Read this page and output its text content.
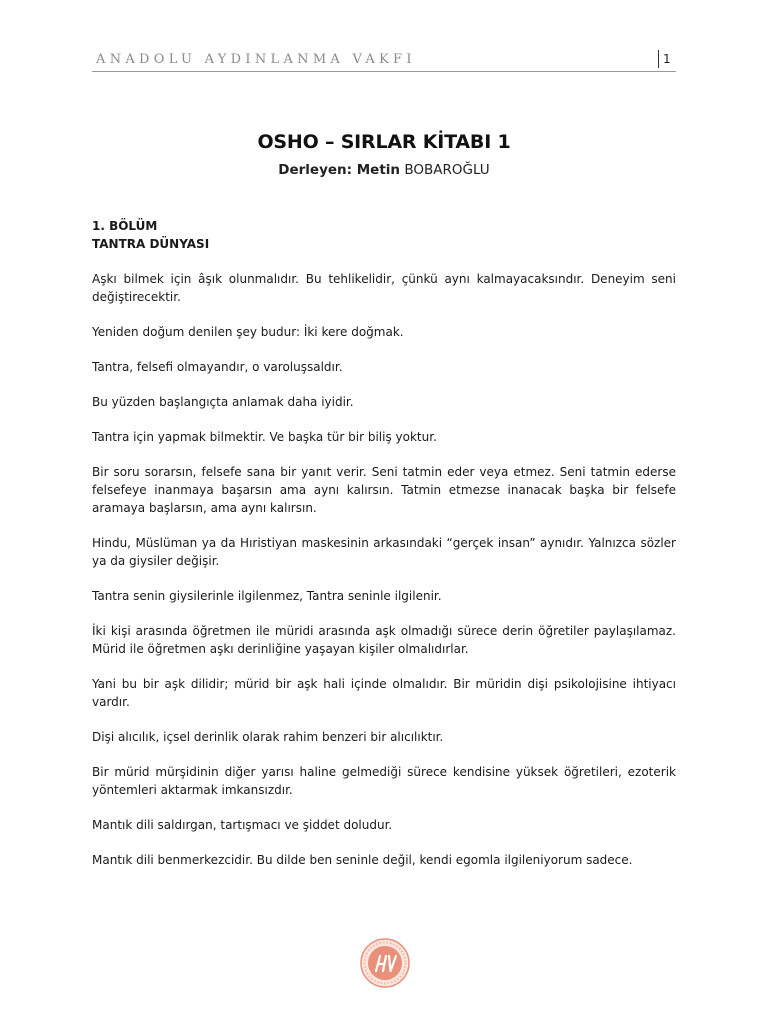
ANADOLU AYDINLANMA VAKFI	1
OSHO – SIRLAR KİTABI 1
Derleyen: Metin BOBAROĞLU

1. BÖLÜM

TANTRA DÜNYASI

Aşkı bilmek için âşık olunmalıdır. Bu tehlikelidir, çünkü aynı kalmayacaksındır. Deneyim seni değiştirecektir.

Yeniden doğum denilen şey budur: İki kere doğmak.

Tantra, felsefi olmayandır, o varoluşsaldır.

Bu yüzden başlangıçta anlamak daha iyidir.

Tantra için yapmak bilmektir. Ve başka tür bir biliş yoktur.

Bir soru sorarsın, felsefe sana bir yanıt verir. Seni tatmin eder veya etmez. Seni tatmin ederse felsefeye inanmaya başarsın ama aynı kalırsın. Tatmin etmezse inanacak başka bir felsefe aramaya başlarsın, ama aynı kalırsın.

Hindu, Müslüman ya da Hıristiyan maskesinin arkasındaki “gerçek insan” aynıdır. Yalnızca sözler ya da giysiler değişir.

Tantra senin giysilerinle ilgilenmez, Tantra seninle ilgilenir.

İki kişi arasında öğretmen ile müridi arasında aşk olmadığı sürece derin öğretiler paylaşılamaz. Mürid ile öğretmen aşkı derinliğine yaşayan kişiler olmalıdırlar.

Yani bu bir aşk dilidir; mürid bir aşk hali içinde olmalıdır. Bir müridin dişi psikolojisine ihtiyacı vardır.

Dişi alıcılık, içsel derinlik olarak rahim benzeri bir alıcılıktır.

Bir mürid mürşidinin diğer yarısı haline gelmediği sürece kendisine yüksek öğretileri, ezoterik yöntemleri aktarmak imkansızdır.

Mantık dili saldırgan, tartışmacı ve şiddet doludur.

Mantık dili benmerkezcidir. Bu dilde ben seninle değil, kendi egomla ilgileniyorum sadece.
